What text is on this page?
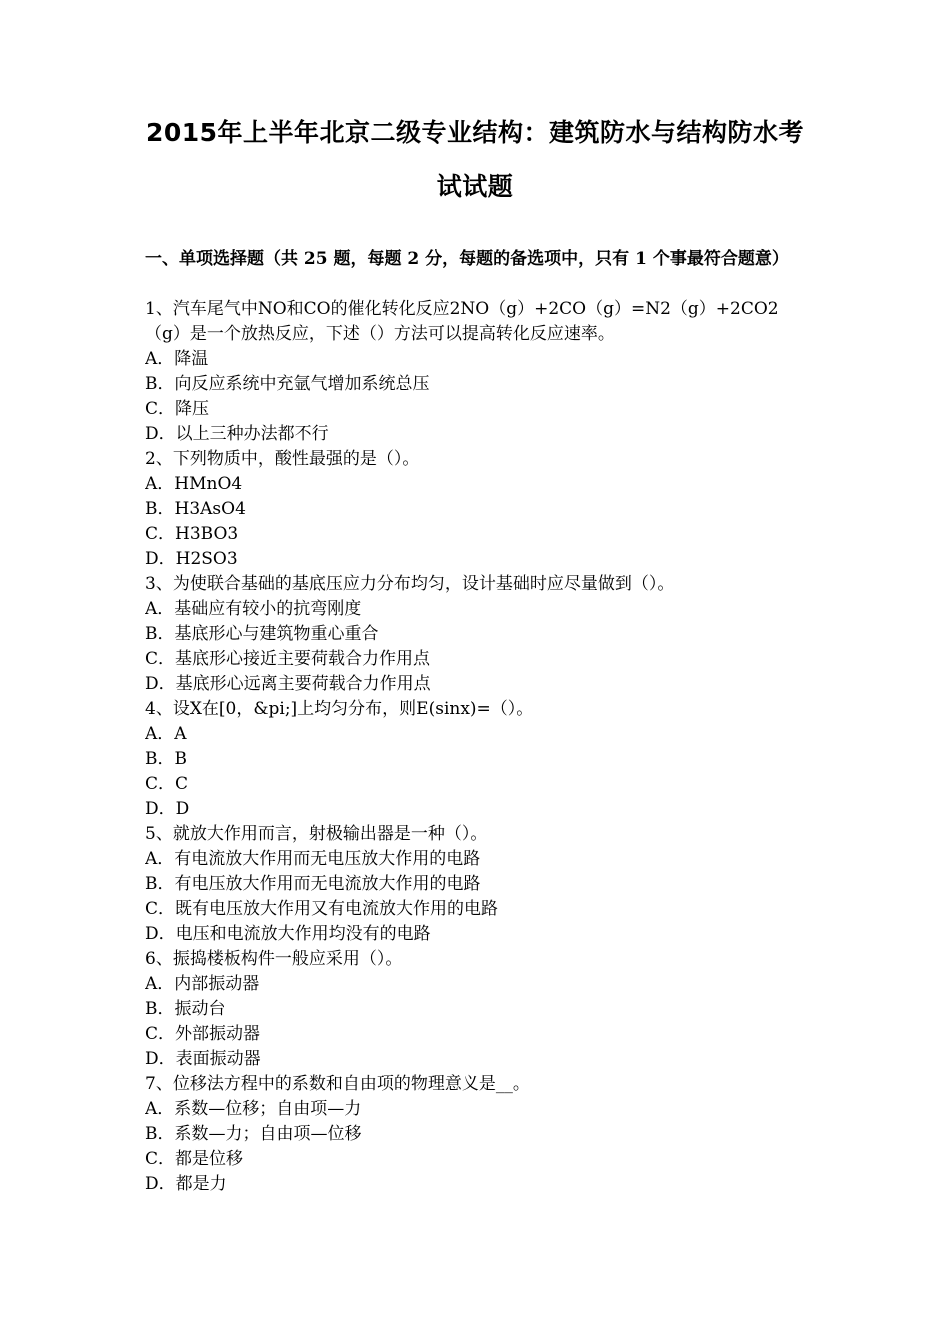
2015年上半年北京二级专业结构：建筑防水与结构防水考
试试题
一、单项选择题（共 25 题，每题 2 分，每题的备选项中，只有 1 个事最符合题意）
1、汽车尾气中NO和CO的催化转化反应2NO（g）+2CO（g）=N2（g）+2CO2
（g）是一个放热反应，下述（）方法可以提高转化反应速率。
A．降温
B．向反应系统中充氩气增加系统总压
C．降压
D．以上三种办法都不行
2、下列物质中，酸性最强的是（）。
A．HMnO4
B．H3AsO4
C．H3BO3
D．H2SO3
3、为使联合基础的基底压应力分布均匀，设计基础时应尽量做到（）。
A．基础应有较小的抗弯刚度
B．基底形心与建筑物重心重合
C．基底形心接近主要荷载合力作用点
D．基底形心远离主要荷载合力作用点
4、设X在[0，&pi;]上均匀分布，则E(sinx)=（）。
A．A
B．B
C．C
D．D
5、就放大作用而言，射极输出器是一种（）。
A．有电流放大作用而无电压放大作用的电路
B．有电压放大作用而无电流放大作用的电路
C．既有电压放大作用又有电流放大作用的电路
D．电压和电流放大作用均没有的电路
6、振捣楼板构件一般应采用（）。
A．内部振动器
B．振动台
C．外部振动器
D．表面振动器
7、位移法方程中的系数和自由项的物理意义是__。
A．系数—位移；自由项—力
B．系数—力；自由项—位移
C．都是位移
D．都是力
